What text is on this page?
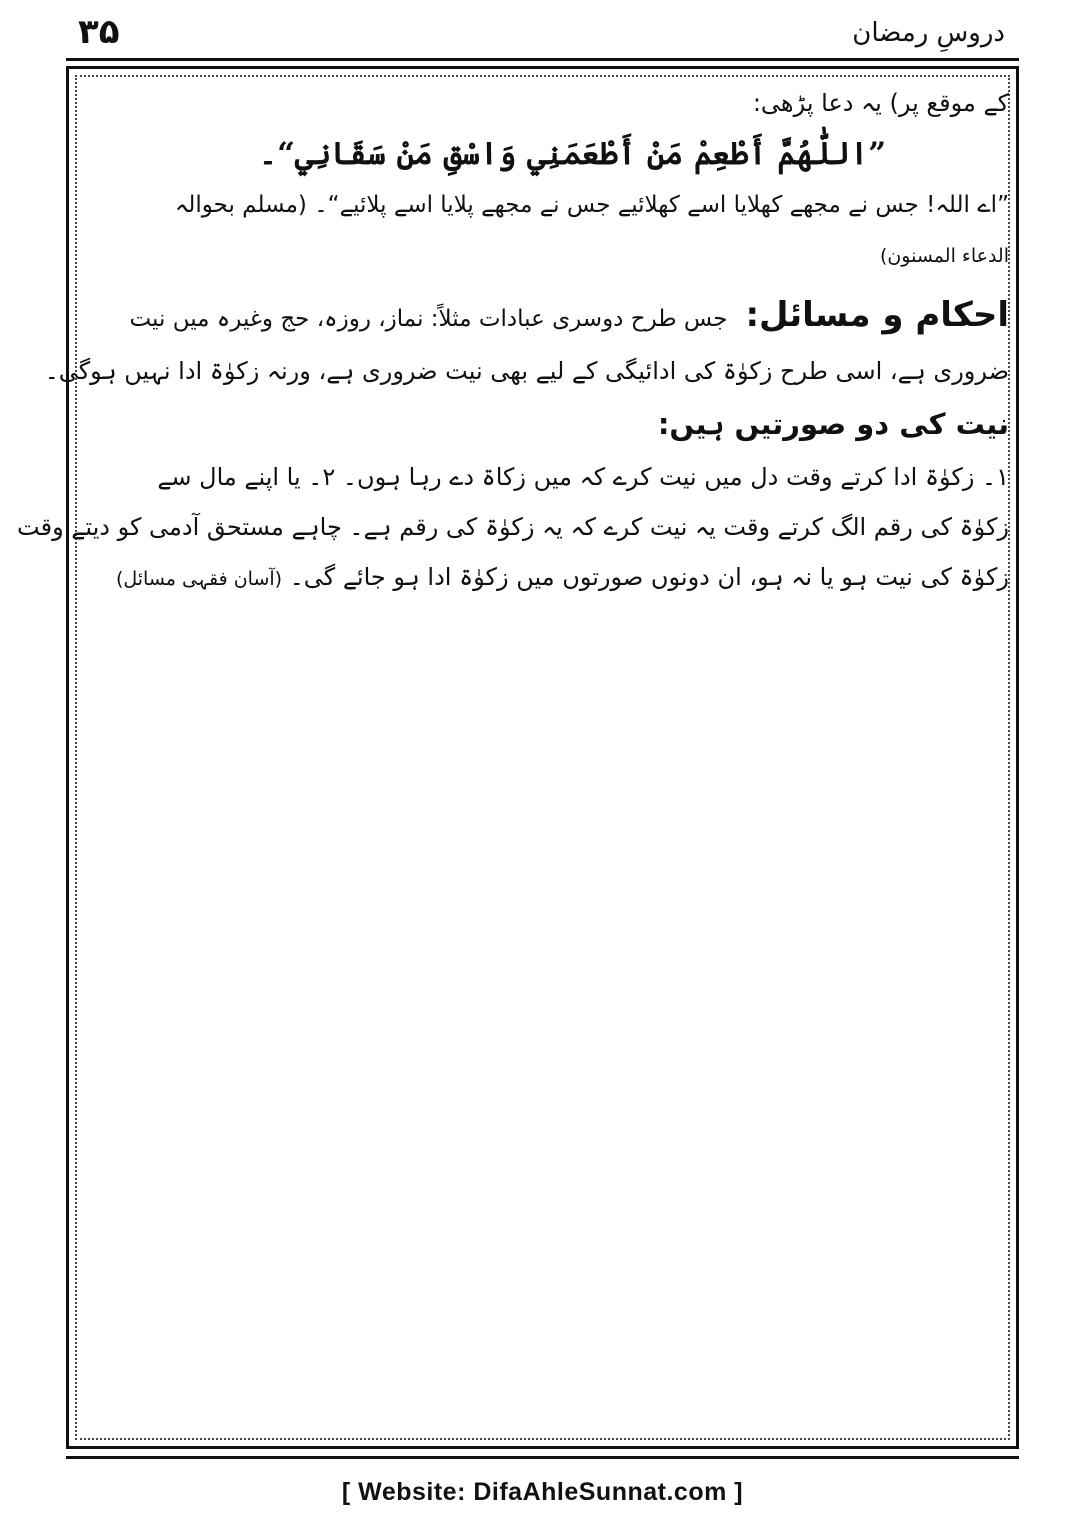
۳۵	دروسِ رمضان
کے موقع پر) یہ دعا پڑھی:
”اللّٰھُمَّ أَطْعِمْ مَنْ أَطْعَمَنِي وَاسْقِ مَنْ سَقَانِي“۔
”اے اللہ! جس نے مجھے کھلایا اسے کھلائیے جس نے مجھے پلایا اسے پلائیے“۔ (مسلم بحوالہ
الدعاء المسنون)
احکام و مسائل:جس طرح دوسری عبادات مثلاً: نماز، روزہ، حج وغیرہ میں نیت
ضروری ہے، اسی طرح زکوٰۃ کی ادائیگی کے لیے بھی نیت ضروری ہے، ورنہ زکوٰۃ ادا نہیں ہوگی۔
نیت کی دو صورتیں ہیں:
۱۔ زکوٰۃ ادا کرتے وقت دل میں نیت کرے کہ میں زکاۃ دے رہا ہوں۔ ۲۔ یا اپنے مال سے
زکوٰۃ کی رقم الگ کرتے وقت یہ نیت کرے کہ یہ زکوٰۃ کی رقم ہے۔ چاہے مستحق آدمی کو دیتے وقت
زکوٰۃ کی نیت ہو یا نہ ہو، ان دونوں صورتوں میں زکوٰۃ ادا ہو جائے گی۔ (آسان فقہی مسائل)
[ Website: DifaAhleSunnat.com ]
